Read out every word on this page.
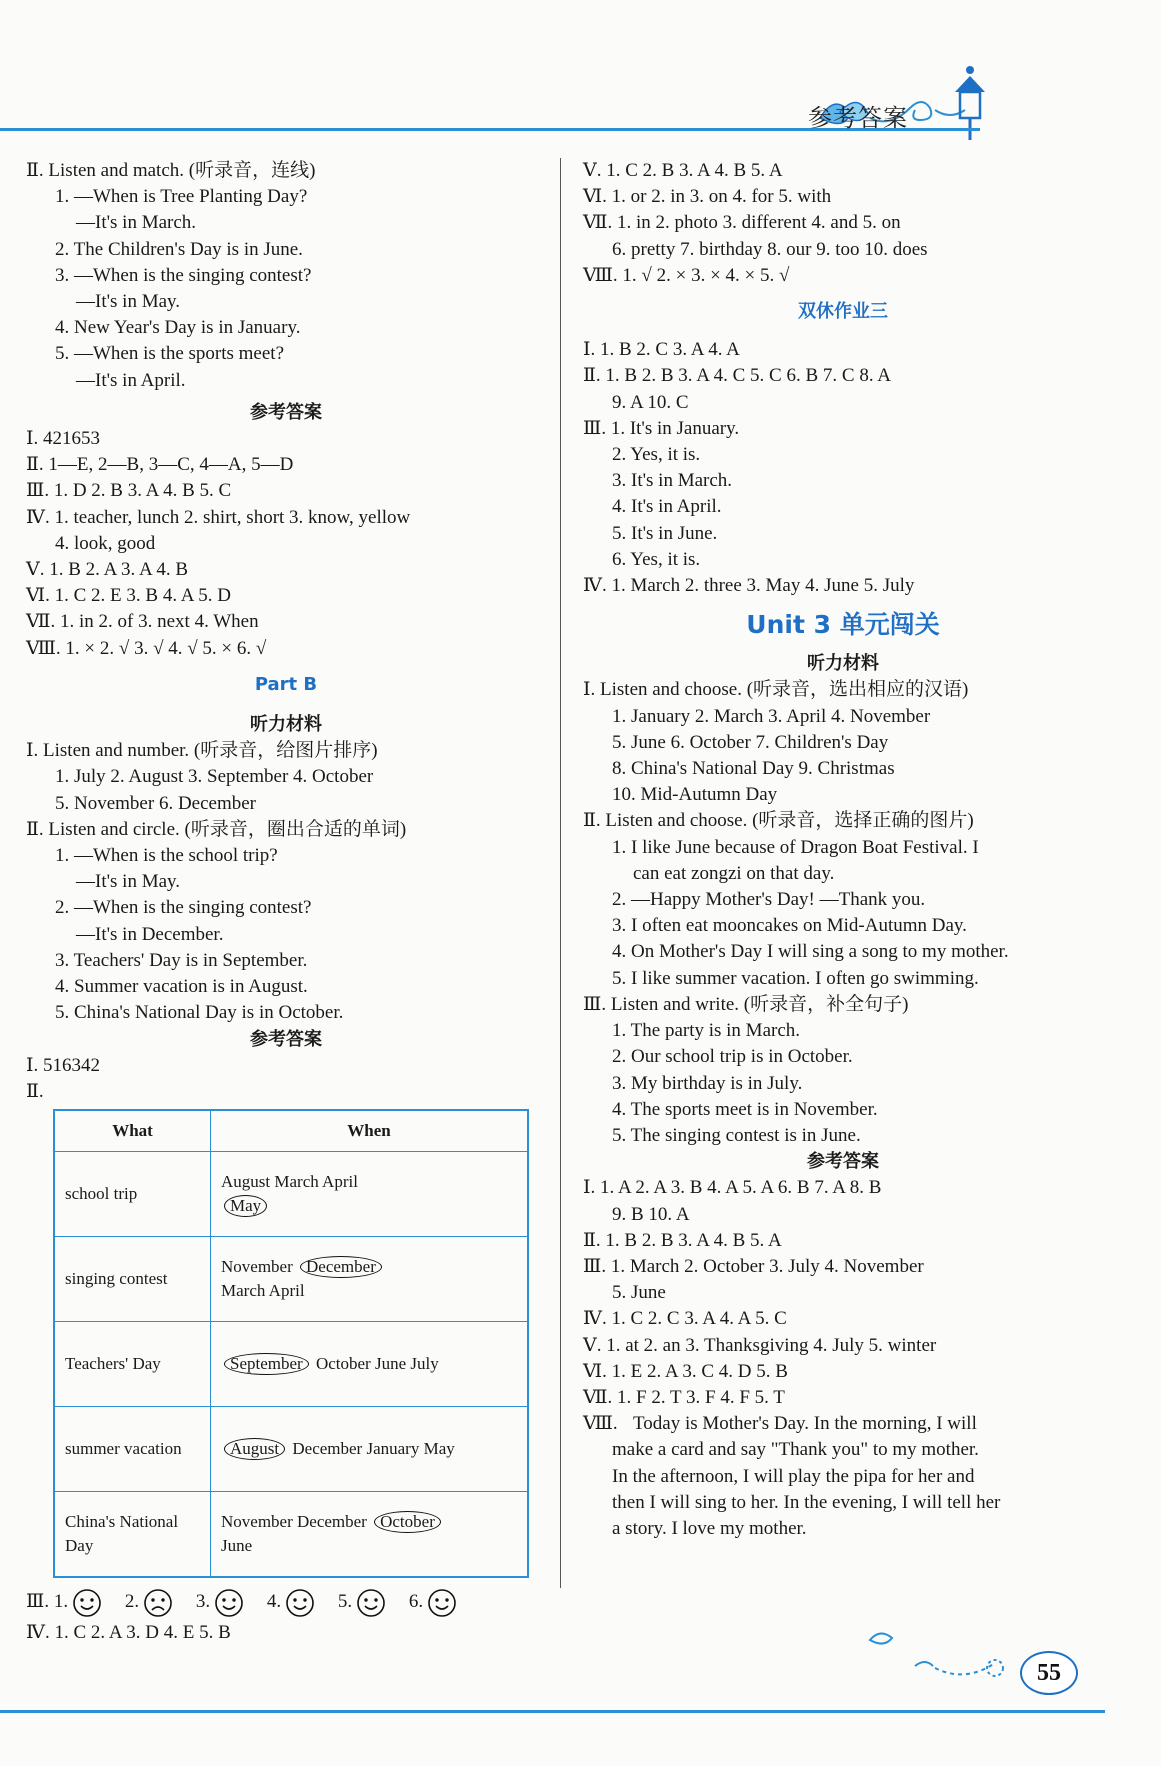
参考答案
Ⅱ. Listen and match. (听录音，连线)
1. —When is Tree Planting Day?
—It's in March.
2. The Children's Day is in June.
3. —When is the singing contest?
—It's in May.
4. New Year's Day is in January.
5. —When is the sports meet?
—It's in April.
参考答案
Ⅰ. 421653
Ⅱ. 1—E, 2—B, 3—C, 4—A, 5—D
Ⅲ. 1. D 2. B 3. A 4. B 5. C
Ⅳ. 1. teacher, lunch 2. shirt, short 3. know, yellow
4. look, good
Ⅴ. 1. B 2. A 3. A 4. B
Ⅵ. 1. C 2. E 3. B 4. A 5. D
Ⅶ. 1. in 2. of 3. next 4. When
Ⅷ. 1. × 2. √ 3. √ 4. √ 5. × 6. √
Part B
听力材料
Ⅰ. Listen and number. (听录音，给图片排序)
1. July 2. August 3. September 4. October
5. November 6. December
Ⅱ. Listen and circle. (听录音，圈出合适的单词)
1. —When is the school trip?
—It's in May.
2. —When is the singing contest?
—It's in December.
3. Teachers' Day is in September.
4. Summer vacation is in August.
5. China's National Day is in October.
参考答案
Ⅰ. 516342
Ⅱ.
What	When
school trip	August March April
May
singing contest	November December
March April
Teachers' Day	September October June July
summer vacation	August December January May
China's National Day	November December October
June
Ⅲ. 1.	2.	3.	4.	5.	6.
Ⅳ. 1. C 2. A 3. D 4. E 5. B
Ⅴ. 1. C 2. B 3. A 4. B 5. A
Ⅵ. 1. or 2. in 3. on 4. for 5. with
Ⅶ. 1. in 2. photo 3. different 4. and 5. on
6. pretty 7. birthday 8. our 9. too 10. does
Ⅷ. 1. √ 2. × 3. × 4. × 5. √
双休作业三
Ⅰ. 1. B 2. C 3. A 4. A
Ⅱ. 1. B 2. B 3. A 4. C 5. C 6. B 7. C 8. A
9. A 10. C
Ⅲ. 1. It's in January.
2. Yes, it is.
3. It's in March.
4. It's in April.
5. It's in June.
6. Yes, it is.
Ⅳ. 1. March 2. three 3. May 4. June 5. July
Unit 3 单元闯关
听力材料
Ⅰ. Listen and choose. (听录音，选出相应的汉语)
1. January 2. March 3. April 4. November
5. June 6. October 7. Children's Day
8. China's National Day 9. Christmas
10. Mid-Autumn Day
Ⅱ. Listen and choose. (听录音，选择正确的图片)
1. I like June because of Dragon Boat Festival. I
can eat zongzi on that day.
2. —Happy Mother's Day! —Thank you.
3. I often eat mooncakes on Mid-Autumn Day.
4. On Mother's Day I will sing a song to my mother.
5. I like summer vacation. I often go swimming.
Ⅲ. Listen and write. (听录音，补全句子)
1. The party is in March.
2. Our school trip is in October.
3. My birthday is in July.
4. The sports meet is in November.
5. The singing contest is in June.
参考答案
Ⅰ. 1. A 2. A 3. B 4. A 5. A 6. B 7. A 8. B
9. B 10. A
Ⅱ. 1. B 2. B 3. A 4. B 5. A
Ⅲ. 1. March 2. October 3. July 4. November
5. June
Ⅳ. 1. C 2. C 3. A 4. A 5. C
Ⅴ. 1. at 2. an 3. Thanksgiving 4. July 5. winter
Ⅵ. 1. E 2. A 3. C 4. D 5. B
Ⅶ. 1. F 2. T 3. F 4. F 5. T
Ⅷ. Today is Mother's Day. In the morning, I will
make a card and say "Thank you" to my mother.
In the afternoon, I will play the pipa for her and
then I will sing to her. In the evening, I will tell her
a story. I love my mother.
55
